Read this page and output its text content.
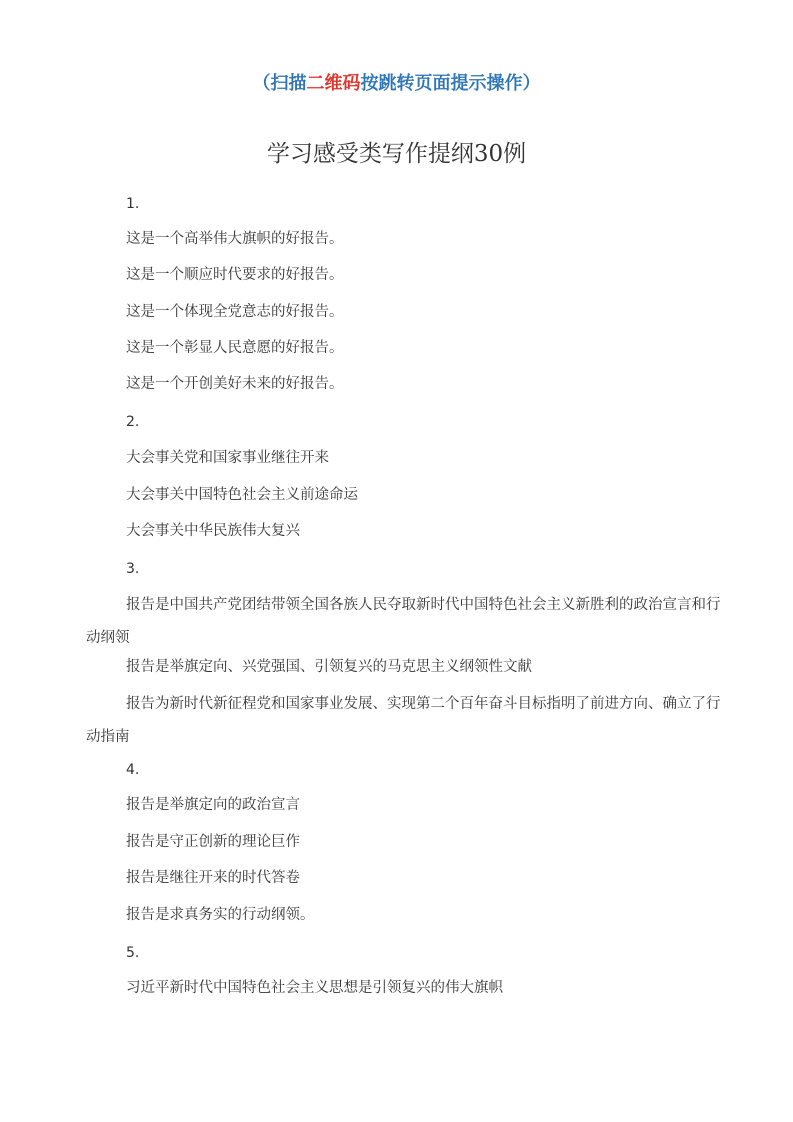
（扫描二维码按跳转页面提示操作）
学习感受类写作提纲30例
1.
这是一个高举伟大旗帜的好报告。
这是一个顺应时代要求的好报告。
这是一个体现全党意志的好报告。
这是一个彰显人民意愿的好报告。
这是一个开创美好未来的好报告。
2.
大会事关党和国家事业继往开来
大会事关中国特色社会主义前途命运
大会事关中华民族伟大复兴
3.
报告是中国共产党团结带领全国各族人民夺取新时代中国特色社会主义新胜利的政治宣言和行动纲领
报告是举旗定向、兴党强国、引领复兴的马克思主义纲领性文献
报告为新时代新征程党和国家事业发展、实现第二个百年奋斗目标指明了前进方向、确立了行动指南
4.
报告是举旗定向的政治宣言
报告是守正创新的理论巨作
报告是继往开来的时代答卷
报告是求真务实的行动纲领。
5.
习近平新时代中国特色社会主义思想是引领复兴的伟大旗帜
